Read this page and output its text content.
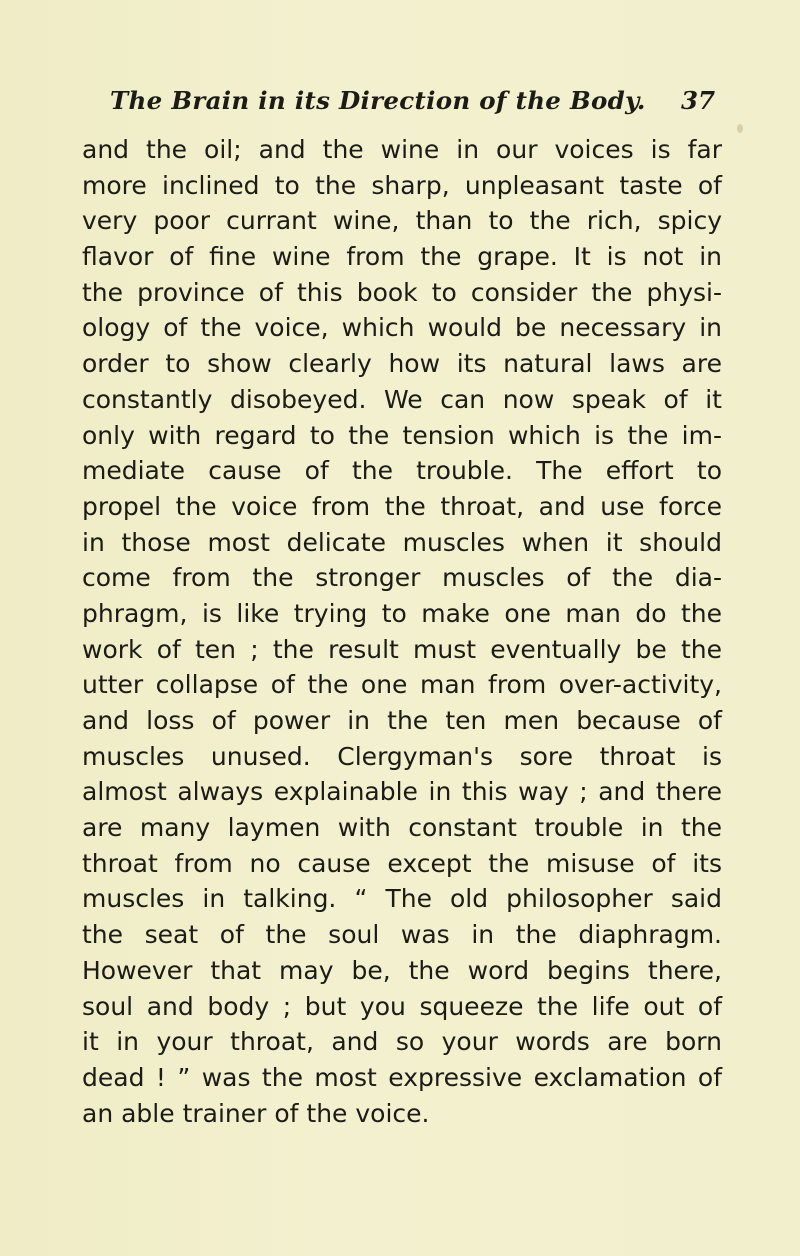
The Brain in its Direction of the Body. 37
and the oil; and the wine in our voices is far
more inclined to the sharp, unpleasant taste of
very poor currant wine, than to the rich, spicy
flavor of fine wine from the grape. It is not in
the province of this book to consider the physi-
ology of the voice, which would be necessary in
order to show clearly how its natural laws are
constantly disobeyed. We can now speak of it
only with regard to the tension which is the im-
mediate cause of the trouble. The effort to
propel the voice from the throat, and use force
in those most delicate muscles when it should
come from the stronger muscles of the dia-
phragm, is like trying to make one man do the
work of ten ; the result must eventually be the
utter collapse of the one man from over-activity,
and loss of power in the ten men because of
muscles unused. Clergyman's sore throat is
almost always explainable in this way ; and there
are many laymen with constant trouble in the
throat from no cause except the misuse of its
muscles in talking. “ The old philosopher said
the seat of the soul was in the diaphragm.
However that may be, the word begins there,
soul and body ; but you squeeze the life out of
it in your throat, and so your words are born
dead ! ” was the most expressive exclamation of
an able trainer of the voice.
